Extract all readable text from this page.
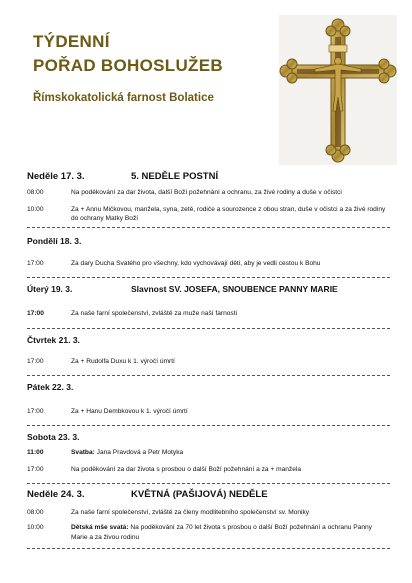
TÝDENNÍ
POŘAD BOHOSLUŽEB
Římskokatolická farnost Bolatice
Neděle 17. 3.	5. NEDĚLE POSTNÍ
08:00	Na poděkování za dar života, další Boží požehnání a ochranu, za živé rodiny a duše v očistci
10:00	Za + Annu Mičkovou, manžela, syna, zetě, rodiče a sourozence z obou stran, duše v očistci a za živé rodiny do ochrany Matky Boží
Pondělí 18. 3.
17:00	Za dary Ducha Svatého pro všechny, kdo vychovávají děti, aby je vedli cestou k Bohu
Úterý 19. 3.	Slavnost SV. JOSEFA, SNOUBENCE PANNY MARIE
17:00	Za naše farní společenství, zvláště za muže naší farnosti
Čtvrtek 21. 3.
17:00	Za + Rudolfa Duxu k 1. výročí úmrtí
Pátek 22. 3.
17:00	Za + Hanu Dembkovou k 1. výročí úmrtí
Sobota 23. 3.
11:00	Svatba: Jana Pravdová a Petr Motyka
17:00	Na poděkování za dar života s prosbou o další Boží požehnání a za + manžela
Neděle 24. 3.	KVĚTNÁ (PAŠIJOVÁ) NEDĚLE
08:00	Za naše farní společenství, zvláště za členy modlitebního společenství sv. Moniky
10:00	Dětská mše svatá: Na poděkování za 70 let života s prosbou o další Boží požehnání a ochranu Panny Marie a za živou rodinu
